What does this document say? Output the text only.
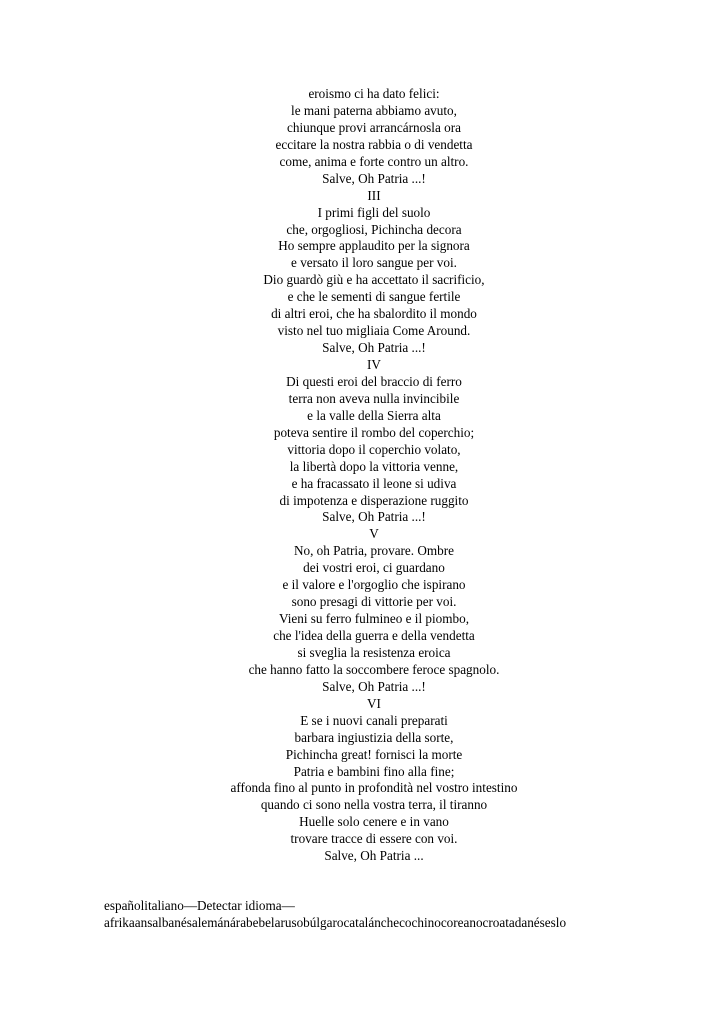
eroismo ci ha dato felici:
le mani paterna abbiamo avuto,
chiunque provi arrancárnosla ora
eccitare la nostra rabbia o di vendetta
come, anima e forte contro un altro.
Salve, Oh Patria ...!
III
I primi figli del suolo
che, orgogliosi, Pichincha decora
Ho sempre applaudito per la signora
e versato il loro sangue per voi.
Dio guardò giù e ha accettato il sacrificio,
e che le sementi di sangue fertile
di altri eroi, che ha sbalordito il mondo
visto nel tuo migliaia Come Around.
Salve, Oh Patria ...!
IV
Di questi eroi del braccio di ferro
terra non aveva nulla invincibile
e la valle della Sierra alta
poteva sentire il rombo del coperchio;
vittoria dopo il coperchio volato,
la libertà dopo la vittoria venne,
e ha fracassato il leone si udiva
di impotenza e disperazione ruggito
Salve, Oh Patria ...!
V
No, oh Patria, provare. Ombre
dei vostri eroi, ci guardano
e il valore e l'orgoglio che ispirano
sono presagi di vittorie per voi.
Vieni su ferro fulmineo e il piombo,
che l'idea della guerra e della vendetta
si sveglia la resistenza eroica
che hanno fatto la soccombere feroce spagnolo.
Salve, Oh Patria ...!
VI
E se i nuovi canali preparati
barbara ingiustizia della sorte,
Pichincha great! fornisci la morte
Patria e bambini fino alla fine;
affonda fino al punto in profondità nel vostro intestino
quando ci sono nella vostra terra, il tiranno
Huelle solo cenere e in vano
trovare tracce di essere con voi.
Salve, Oh Patria ...
españolitaliano—Detectar idioma—
afrikaansalbanésalemánárabebelarusobúlgarocatalánchecochinocoreanocroatadanéseslo
